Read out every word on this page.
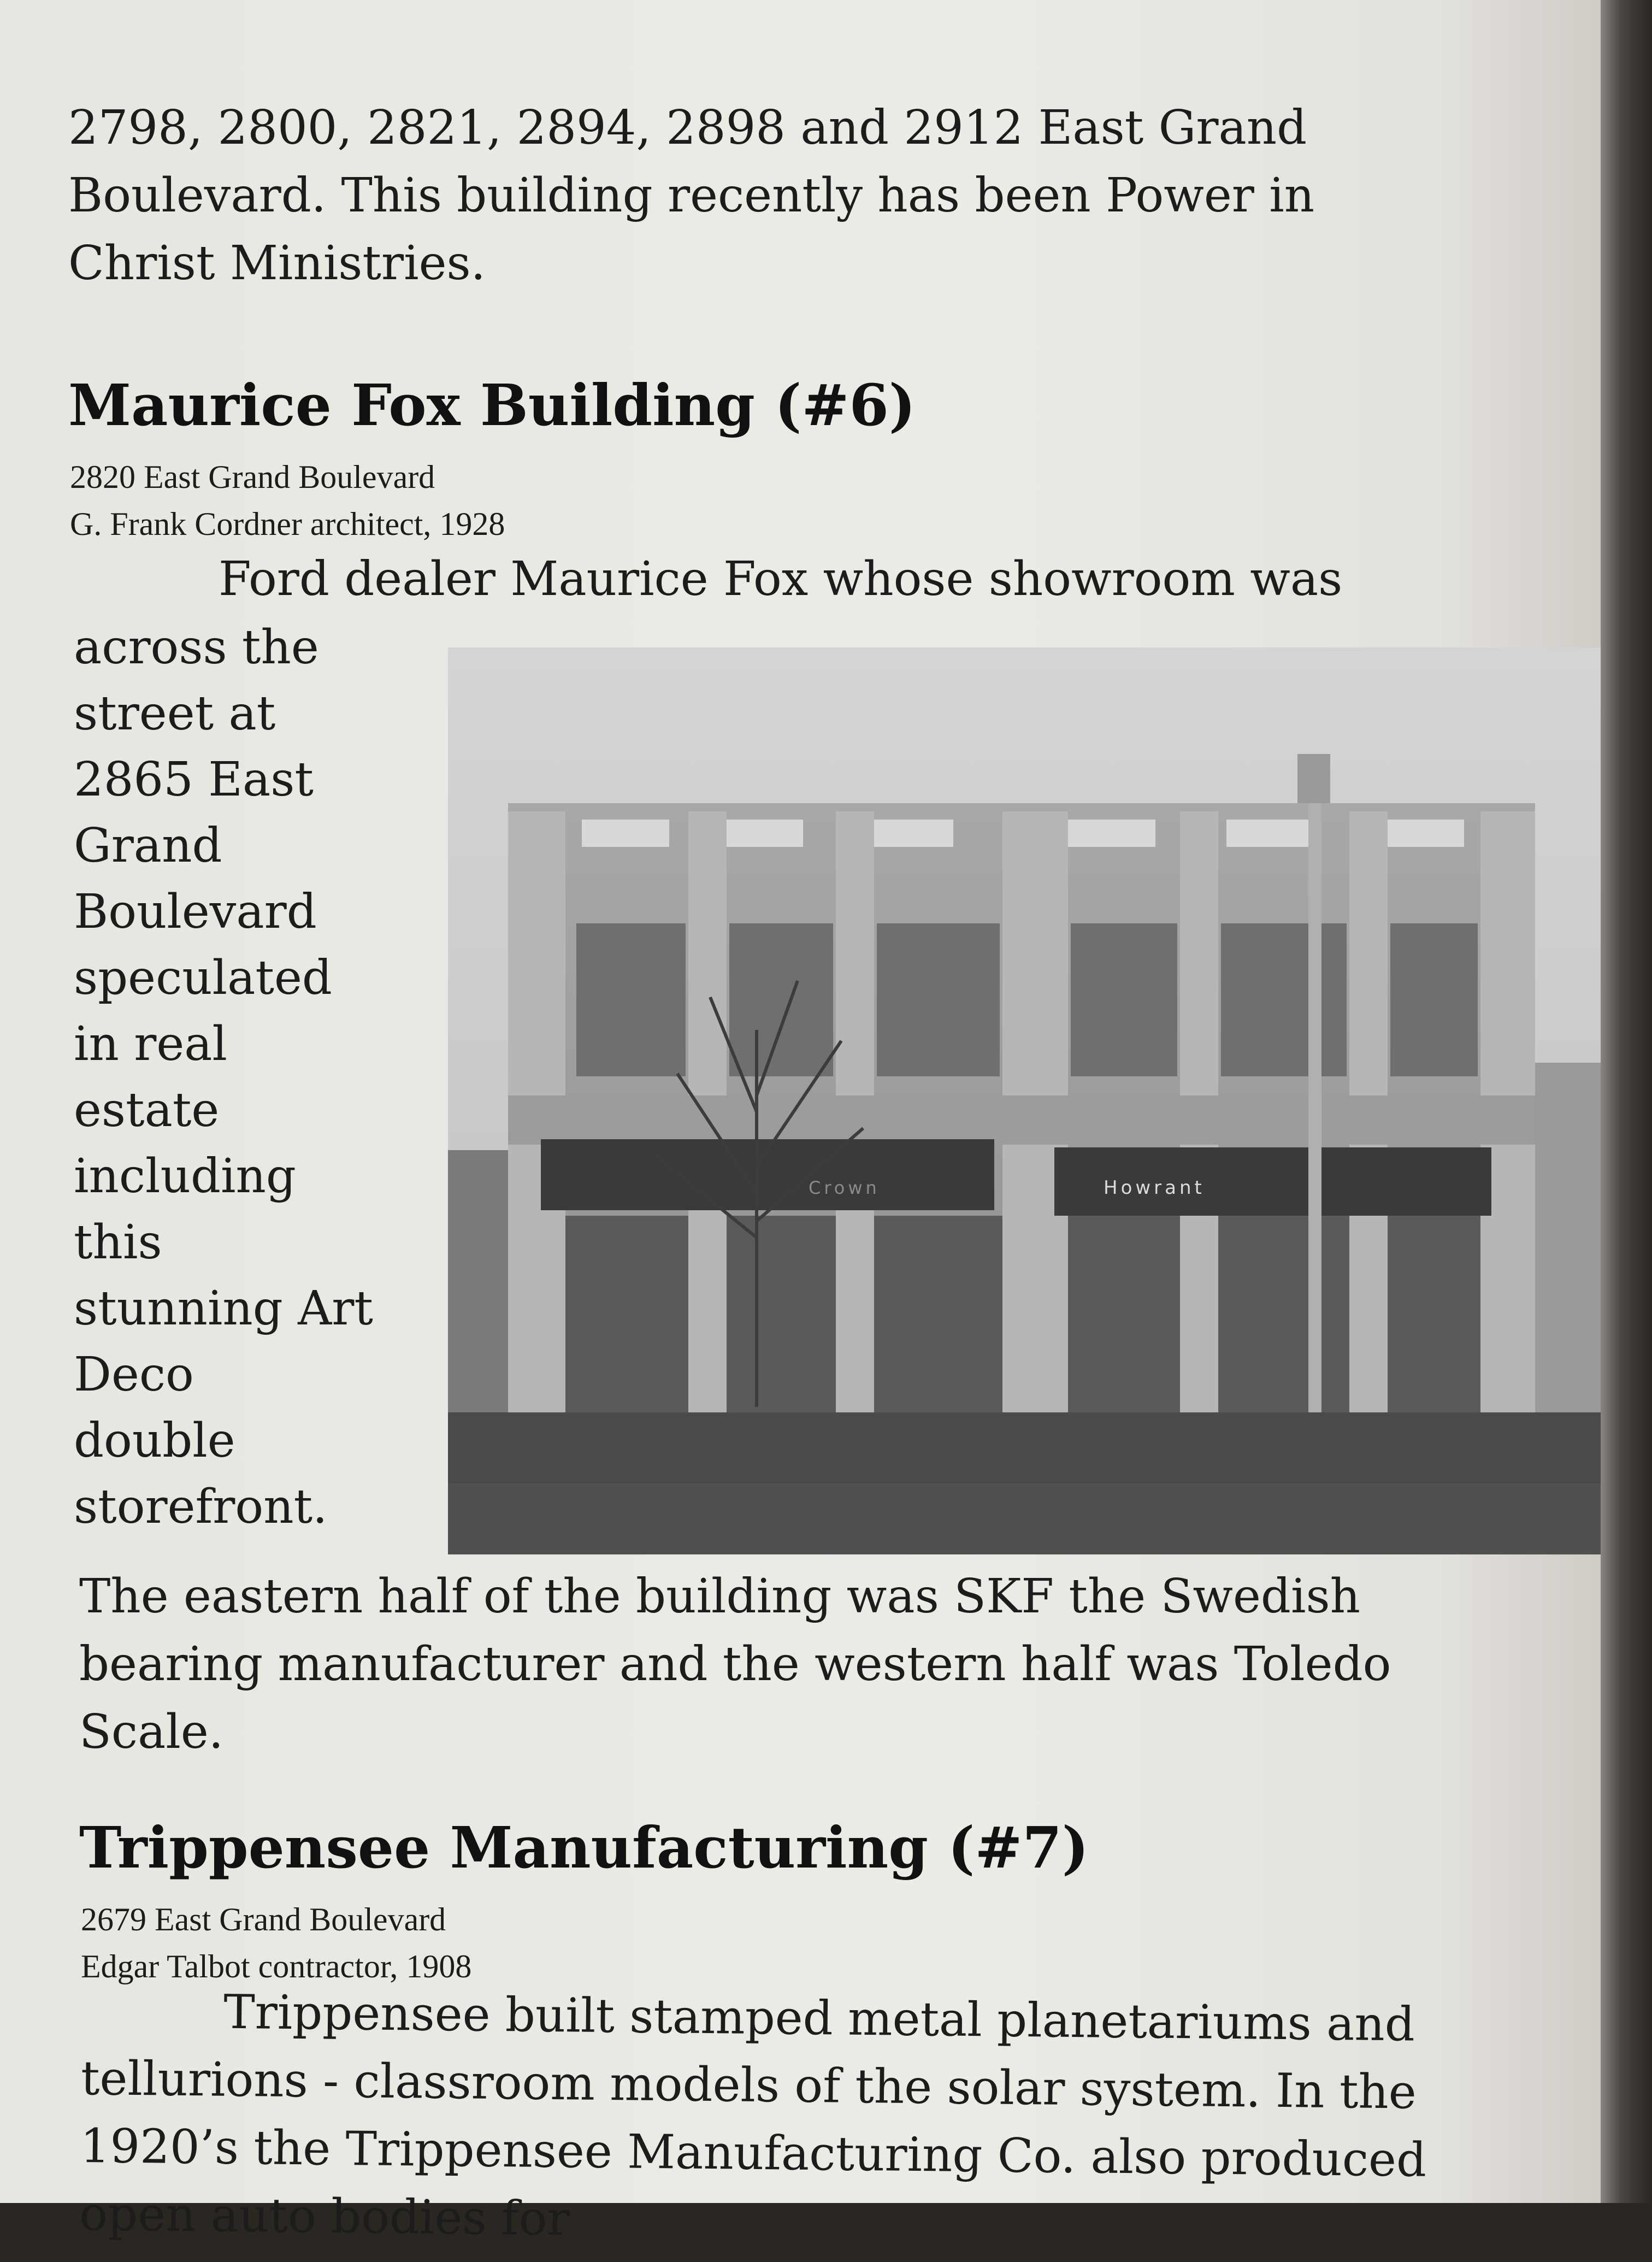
2798, 2800, 2821, 2894, 2898 and 2912 East Grand

Boulevard. This building recently has been Power in

Christ Ministries.

Maurice Fox Building (#6)
2820 East Grand Boulevard
G. Frank Cordner architect, 1928
Ford dealer Maurice Fox whose showroom was
across the
street at
2865 East
Grand
Boulevard
speculated
in real
estate
including
this
stunning Art
Deco
double
storefront.
Howrant
Crown

The eastern half of the building was SKF the Swedish

bearing manufacturer and the western half was Toledo

Scale.

Trippensee Manufacturing (#7)
2679 East Grand Boulevard
Edgar Talbot contractor, 1908

Trippensee built stamped metal planetariums and

tellurions - classroom models of the solar system. In the

1920’s the Trippensee Manufacturing Co. also produced

open auto bodies for
